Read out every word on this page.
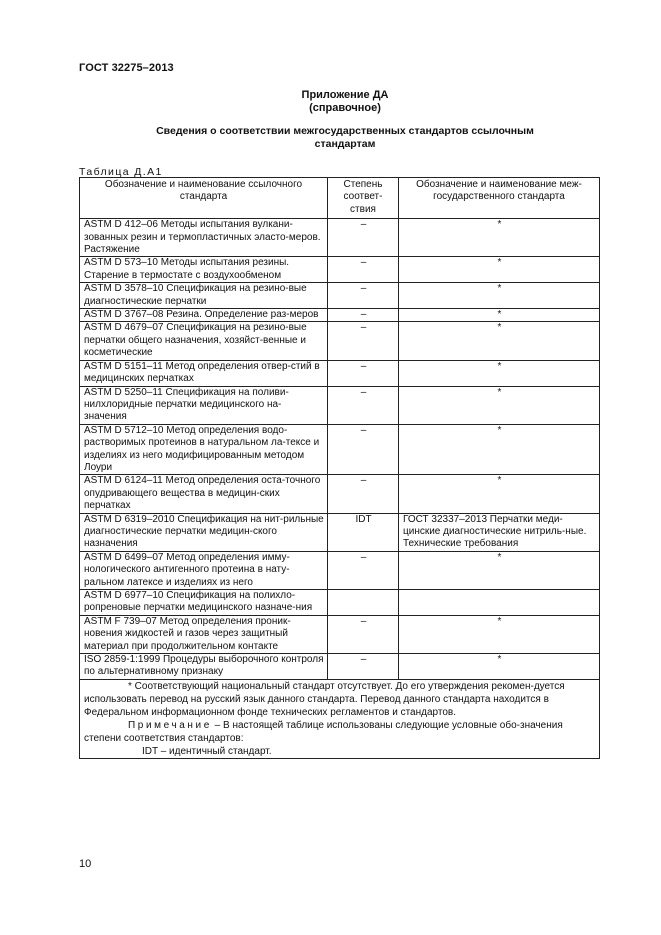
ГОСТ 32275–2013
Приложение ДА
(справочное)
Сведения о соответствии межгосударственных стандартов ссылочным
стандартам
Таблица Д.А1
Обозначение и наименование ссылочного стандарта	Степень соответ-ствия	Обозначение и наименование меж-государственного стандарта
ASTM D 412–06 Методы испытания вулкани-зованных резин и термопластичных эласто-меров. Растяжение	–	*
ASTM D 573–10 Методы испытания резины. Старение в термостате с воздухообменом	–	*
ASTM D 3578–10 Спецификация на резино-вые диагностические перчатки	–	*
ASTM D 3767–08 Резина. Определение раз-меров	–	*
ASTM D 4679–07 Спецификация на резино-вые перчатки общего назначения, хозяйст-венные и косметические	–	*
ASTM D 5151–11 Метод определения отвер-стий в медицинских перчатках	–	*
ASTM D 5250–11 Спецификация на поливи-нилхлоридные перчатки медицинского на-значения	–	*
ASTM D 5712–10 Метод определения водо-растворимых протеинов в натуральном ла-тексе и изделиях из него модифицированным методом Лоури	–	*
ASTM D 6124–11 Метод определения оста-точного опудривающего вещества в медицин-ских перчатках	–	*
ASTM D 6319–2010 Спецификация на нит-рильные диагностические перчатки медицин-ского назначения	IDT	ГОСТ 32337–2013 Перчатки меди-цинские диагностические нитриль-ные. Технические требования
ASTM D 6499–07 Метод определения имму-нологического антигенного протеина в нату-ральном латексе и изделиях из него	–	*
ASTM D 6977–10 Спецификация на полихло-ропреновые перчатки медицинского назначе-ния		
ASTM F 739–07 Метод определения проник-новения жидкостей и газов через защитный материал при продолжительном контакте	–	*
ISO 2859-1:1999 Процедуры выборочного контроля по альтернативному признаку	–	*

* Соответствующий национальный стандарт отсутствует. До его утверждения рекомен-дуется использовать перевод на русский язык данного стандарта. Перевод данного стандарта находится в Федеральном информационном фонде технических регламентов и стандартов.
Примечание – В настоящей таблице использованы следующие условные обо-значения степени соответствия стандартов:
IDT – идентичный стандарт.		
10
